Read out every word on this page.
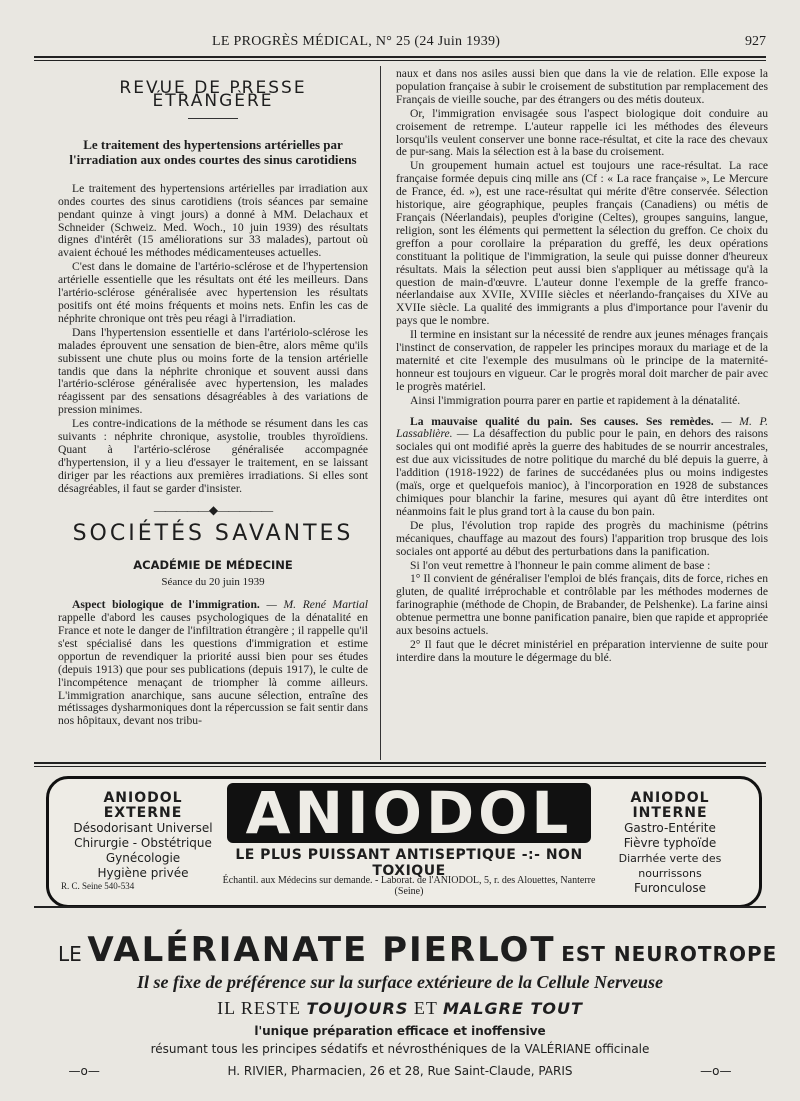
LE PROGRÈS MÉDICAL, N° 25 (24 Juin 1939)	927
REVUE DE PRESSE ÉTRANGÈRE
Le traitement des hypertensions artérielles par l'irradiation aux ondes courtes des sinus carotidiens

Le traitement des hypertensions artérielles par irradiation aux ondes courtes des sinus carotidiens (trois séances par semaine pendant quinze à vingt jours) a donné à MM. Delachaux et Schneider (Schweiz. Med. Woch., 10 juin 1939) des résultats dignes d'intérêt (15 améliorations sur 33 malades), partout où avaient échoué les méthodes médicamenteuses actuelles.

C'est dans le domaine de l'artério-sclérose et de l'hypertension artérielle essentielle que les résultats ont été les meilleurs. Dans l'artério-sclérose généralisée avec hypertension les résultats positifs ont été moins fréquents et moins nets. Enfin les cas de néphrite chronique ont très peu réagi à l'irradiation.

Dans l'hypertension essentielle et dans l'artériolo-sclérose les malades éprouvent une sensation de bien-être, alors même qu'ils subissent une chute plus ou moins forte de la tension artérielle tandis que dans la néphrite chronique et souvent aussi dans l'artério-sclérose généralisée avec hypertension, les malades réagissent par des sensations désagréables à des variations de pression minimes.

Les contre-indications de la méthode se résument dans les cas suivants : néphrite chronique, asystolie, troubles thyroïdiens. Quant à l'artério-sclérose généralisée accompagnée d'hypertension, il y a lieu d'essayer le traitement, en se laissant diriger par les réactions aux premières irradiations. Si elles sont désagréables, il faut se garder d'insister.

—————◆—————
SOCIÉTÉS SAVANTES
ACADÉMIE DE MÉDECINE
Séance du 20 juin 1939

Aspect biologique de l'immigration. — M. René Martial rappelle d'abord les causes psychologiques de la dénatalité en France et note le danger de l'infiltration étrangère ; il rappelle qu'il s'est spécialisé dans les questions d'immigration et estime opportun de revendiquer la priorité aussi bien pour ses études (depuis 1913) que pour ses publications (depuis 1917), le culte de l'incompétence menaçant de triompher là comme ailleurs. L'immigration anarchique, sans aucune sélection, entraîne des métissages dysharmoniques dont la répercussion se fait sentir dans nos hôpitaux, devant nos tribu-

naux et dans nos asiles aussi bien que dans la vie de relation. Elle expose la population française à subir le croisement de substitution par remplacement des Français de vieille souche, par des étrangers ou des métis douteux.

Or, l'immigration envisagée sous l'aspect biologique doit conduire au croisement de retrempe. L'auteur rappelle ici les méthodes des éleveurs lorsqu'ils veulent conserver une bonne race-résultat, et cite la race des chevaux de pur-sang. Mais la sélection est à la base du croisement.

Un groupement humain actuel est toujours une race-résultat. La race française formée depuis cinq mille ans (Cf : « La race française », Le Mercure de France, éd. »), est une race-résultat qui mérite d'être conservée. Sélection historique, aire géographique, peuples français (Canadiens) ou métis de Français (Néerlandais), peuples d'origine (Celtes), groupes sanguins, langue, religion, sont les éléments qui permettent la sélection du greffon. Ce choix du greffon a pour corollaire la préparation du greffé, les deux opérations constituant la politique de l'immigration, la seule qui puisse donner d'heureux résultats. Mais la sélection peut aussi bien s'appliquer au métissage qu'à la question de main-d'œuvre. L'auteur donne l'exemple de la greffe franco-néerlandaise aux XVIIe, XVIIIe siècles et néerlando-françaises du XIVe au XVIIe siècle. La qualité des immigrants a plus d'importance pour l'avenir du pays que le nombre.

Il termine en insistant sur la nécessité de rendre aux jeunes ménages français l'instinct de conservation, de rappeler les principes moraux du mariage et de la maternité et cite l'exemple des musulmans où le principe de la maternité-honneur est toujours en vigueur. Car le progrès moral doit marcher de pair avec le progrès matériel.

Ainsi l'immigration pourra parer en partie et rapidement à la dénatalité.

La mauvaise qualité du pain. Ses causes. Ses remèdes. — M. P. Lassablière. — La désaffection du public pour le pain, en dehors des raisons sociales qui ont modifié après la guerre des habitudes de se nourrir ancestrales, est due aux vicissitudes de notre politique du marché du blé depuis la guerre, à l'addition (1918-1922) de farines de succédanées plus ou moins indigestes (maïs, orge et quelquefois manioc), à l'incorporation en 1928 de substances chimiques pour blanchir la farine, mesures qui ayant dû être interdites ont néanmoins fait le plus grand tort à la cause du bon pain.

De plus, l'évolution trop rapide des progrès du machinisme (pétrins mécaniques, chauffage au mazout des fours) l'apparition trop brusque des lois sociales ont apporté au début des perturbations dans la panification.

Si l'on veut remettre à l'honneur le pain comme aliment de base :

1° Il convient de généraliser l'emploi de blés français, dits de force, riches en gluten, de qualité irréprochable et contrôlable par les méthodes modernes de farinographie (méthode de Chopin, de Brabander, de Pelshenke). La farine ainsi obtenue permettra une bonne panification panaire, bien que rapide et appropriée aux besoins actuels.

2° Il faut que le décret ministériel en préparation intervienne de suite pour interdire dans la mouture le dégermage du blé.

ANIODOL EXTERNE
Désodorisant Universel
Chirurgie - Obstétrique
Gynécologie
Hygiène privée
ANIODOL
LE PLUS PUISSANT ANTISEPTIQUE -:- NON TOXIQUE
Échantil. aux Médecins sur demande. - Laborat. de l'ANIODOL, 5, r. des Alouettes, Nanterre (Seine)
R. C. Seine 540-534
ANIODOL INTERNE
Gastro-Entérite
Fièvre typhoïde
Diarrhée verte des nourrissons
Furonculose
LE VALÉRIANATE PIERLOT EST NEUROTROPE
Il se fixe de préférence sur la surface extérieure de la Cellule Nerveuse
IL RESTE TOUJOURS ET MALGRE TOUT
l'unique préparation efficace et inoffensive
résumant tous les principes sédatifs et névrosthéniques de la VALÉRIANE officinale
—o—	H. RIVIER, Pharmacien, 26 et 28, Rue Saint-Claude, PARIS	—o—
